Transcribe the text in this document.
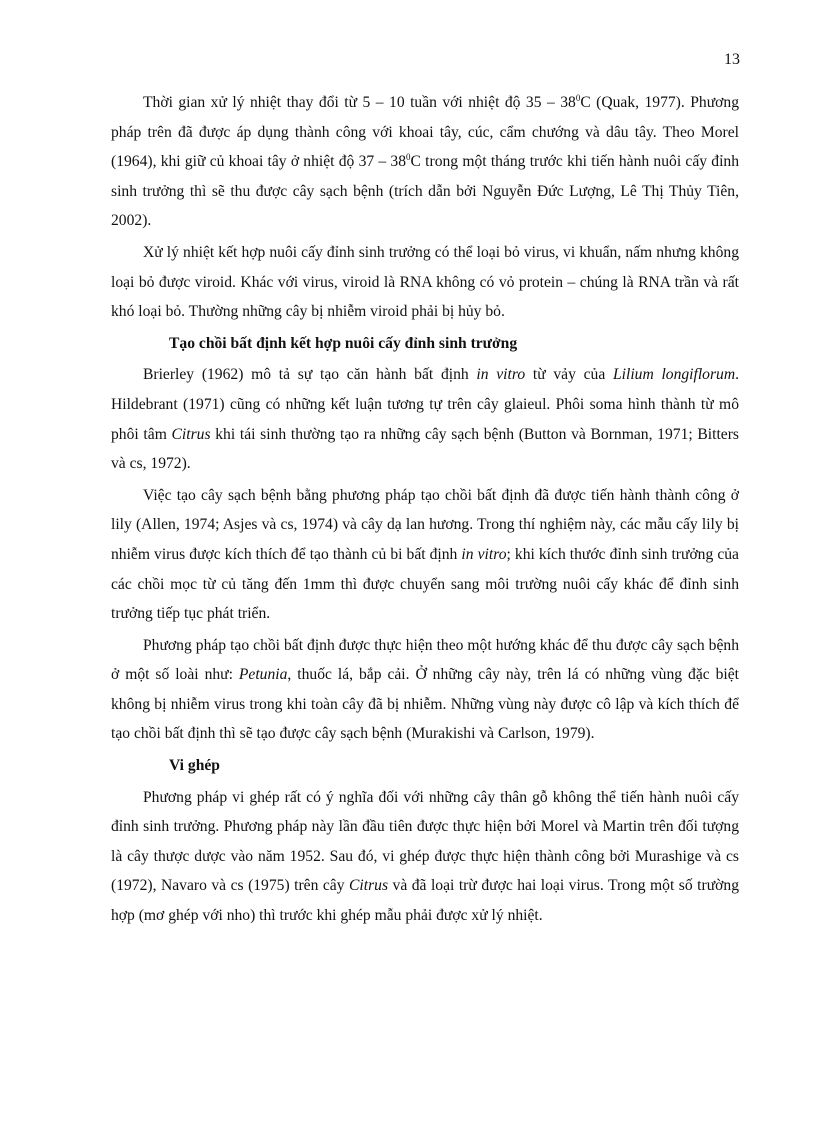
13

Thời gian xử lý nhiệt thay đổi từ 5 – 10 tuần với nhiệt độ $35 - 38^0C$ (Quak, 1977). Phương pháp trên đã được áp dụng thành công với khoai tây, cúc, cẩm chướng và dâu tây. Theo Morel (1964), khi giữ củ khoai tây ở nhiệt độ $37 - 38^0C$ trong một tháng trước khi tiến hành nuôi cấy đỉnh sinh trưởng thì sẽ thu được cây sạch bệnh (trích dẫn bởi Nguyễn Đức Lượng, Lê Thị Thủy Tiên, 2002).

Xử lý nhiệt kết hợp nuôi cấy đỉnh sinh trưởng có thể loại bỏ virus, vi khuẩn, nấm nhưng không loại bỏ được viroid. Khác với virus, viroid là RNA không có vỏ protein – chúng là RNA trần và rất khó loại bỏ. Thường những cây bị nhiễm viroid phải bị hủy bỏ.

Tạo chồi bất định kết hợp nuôi cấy đỉnh sinh trưởng

Brierley (1962) mô tả sự tạo căn hành bất định in vitro từ vảy của Lilium longiflorum. Hildebrant (1971) cũng có những kết luận tương tự trên cây glaieul. Phôi soma hình thành từ mô phôi tâm Citrus khi tái sinh thường tạo ra những cây sạch bệnh (Button và Bornman, 1971; Bitters và cs, 1972).

Việc tạo cây sạch bệnh bằng phương pháp tạo chồi bất định đã được tiến hành thành công ở lily (Allen, 1974; Asjes và cs, 1974) và cây dạ lan hương. Trong thí nghiệm này, các mẫu cấy lily bị nhiễm virus được kích thích để tạo thành củ bi bất định in vitro; khi kích thước đỉnh sinh trưởng của các chồi mọc từ củ tăng đến 1mm thì được chuyển sang môi trường nuôi cấy khác để đỉnh sinh trưởng tiếp tục phát triển.

Phương pháp tạo chồi bất định được thực hiện theo một hướng khác để thu được cây sạch bệnh ở một số loài như: Petunia, thuốc lá, bắp cải. Ở những cây này, trên lá có những vùng đặc biệt không bị nhiễm virus trong khi toàn cây đã bị nhiễm. Những vùng này được cô lập và kích thích để tạo chồi bất định thì sẽ tạo được cây sạch bệnh (Murakishi và Carlson, 1979).

Vi ghép

Phương pháp vi ghép rất có ý nghĩa đối với những cây thân gỗ không thể tiến hành nuôi cấy đỉnh sinh trưởng. Phương pháp này lần đầu tiên được thực hiện bởi Morel và Martin trên đối tượng là cây thược dược vào năm 1952. Sau đó, vi ghép được thực hiện thành công bởi Murashige và cs (1972), Navaro và cs (1975) trên cây Citrus và đã loại trừ được hai loại virus. Trong một số trường hợp (mơ ghép với nho) thì trước khi ghép mẫu phải được xử lý nhiệt.
